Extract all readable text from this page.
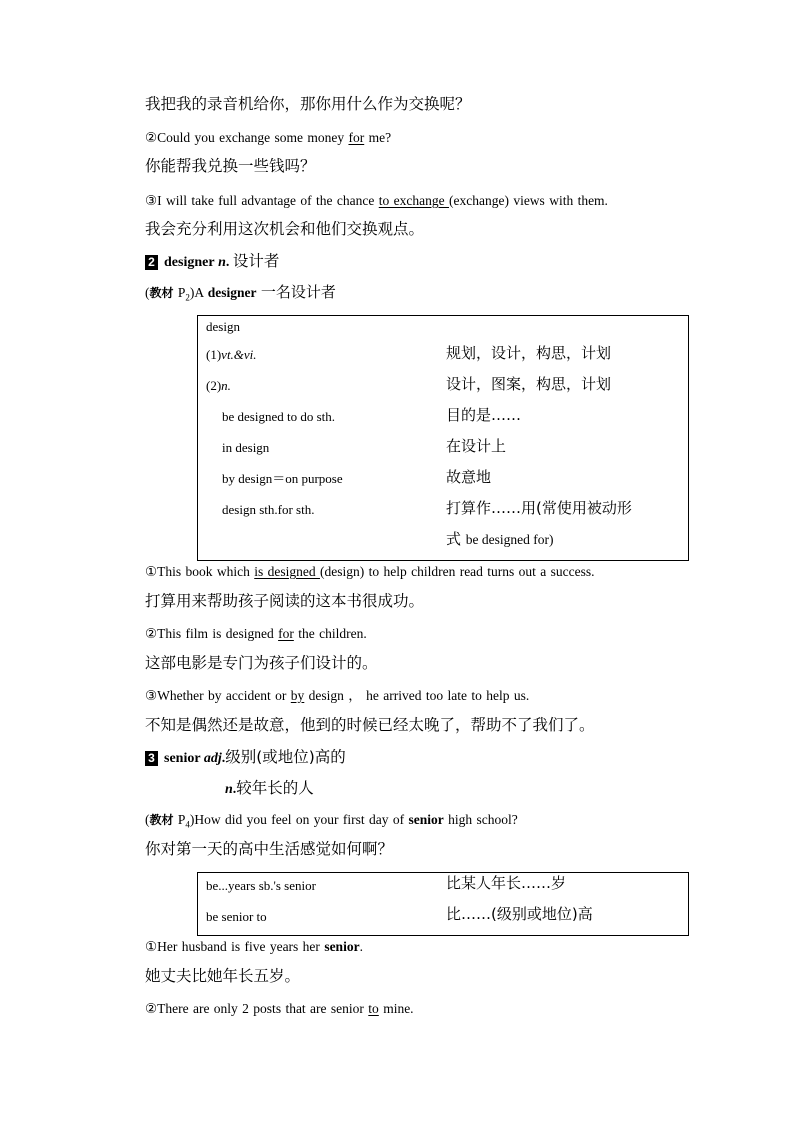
我把我的录音机给你，那你用什么作为交换呢？
②Could you exchange some money for me?
你能帮我兑换一些钱吗？
③I will take full advantage of the chance to exchange (exchange) views with them.
我会充分利用这次机会和他们交换观点。
2 designer n. 设计者
(教材 $P_2)A$ designer 一名设计者
design
(1)vt.&vi.	规划，设计，构思，计划
(2)n.	设计，图案，构思，计划
be designed to do sth.	目的是……
in design	在设计上
by design＝on purpose	故意地
design sth.for sth.	打算作……用(常使用被动形
式 be designed for)
①This book which is designed (design) to help children read turns out a success.
打算用来帮助孩子阅读的这本书很成功。
②This film is designed for the children.
这部电影是专门为孩子们设计的。
③Whether by accident or by design ， he arrived too late to help us.
不知是偶然还是故意，他到的时候已经太晚了，帮助不了我们了。
3 senior adj.级别(或地位)高的
n.较年长的人
(教材 $P_4)How$ did you feel on your first day of senior high school?
你对第一天的高中生活感觉如何啊？
be...years sb.'s senior	比某人年长……岁
be senior to	比……(级别或地位)高
①Her husband is five years her senior.
她丈夫比她年长五岁。
②There are only 2 posts that are senior to mine.
